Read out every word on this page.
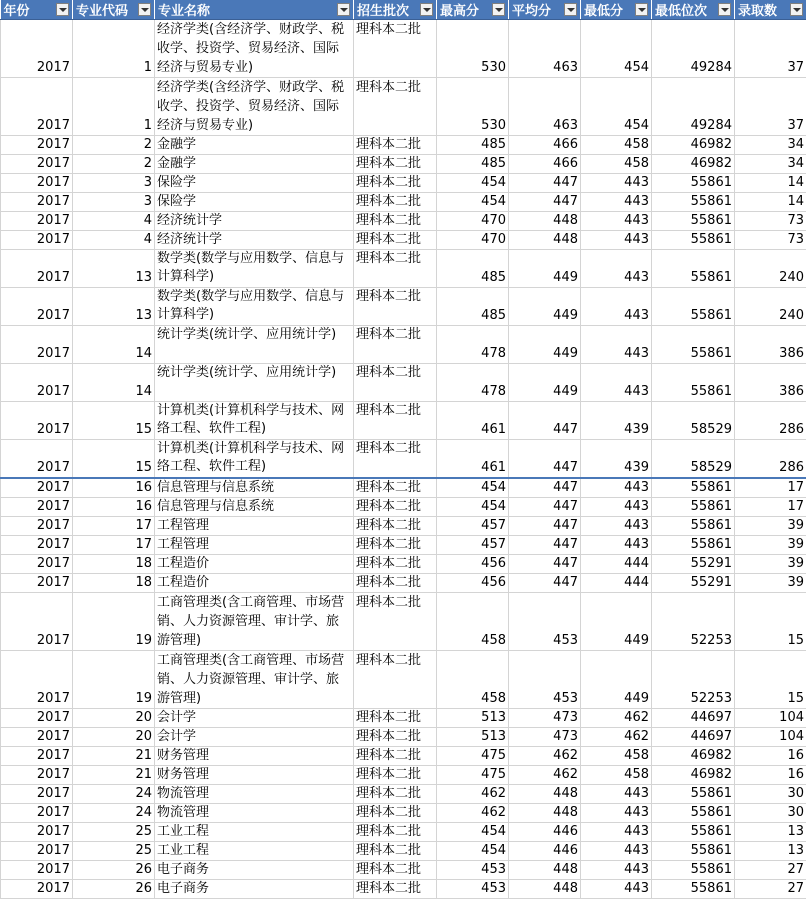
年份	专业代码	专业名称	招生批次	最高分	平均分	最低分	最低位次	录取数

2017	1	经济学类(含经济学、财政学、税收学、投资学、贸易经济、国际经济与贸易专业)	理科本二批	530	463	454	49284	37
2017	1	经济学类(含经济学、财政学、税收学、投资学、贸易经济、国际经济与贸易专业)	理科本二批	530	463	454	49284	37
2017	2	金融学	理科本二批	485	466	458	46982	34
2017	2	金融学	理科本二批	485	466	458	46982	34
2017	3	保险学	理科本二批	454	447	443	55861	14
2017	3	保险学	理科本二批	454	447	443	55861	14
2017	4	经济统计学	理科本二批	470	448	443	55861	73
2017	4	经济统计学	理科本二批	470	448	443	55861	73
2017	13	数学类(数学与应用数学、信息与计算科学)	理科本二批	485	449	443	55861	240
2017	13	数学类(数学与应用数学、信息与计算科学)	理科本二批	485	449	443	55861	240
2017	14	统计学类(统计学、应用统计学)	理科本二批	478	449	443	55861	386
2017	14	统计学类(统计学、应用统计学)	理科本二批	478	449	443	55861	386
2017	15	计算机类(计算机科学与技术、网络工程、软件工程)	理科本二批	461	447	439	58529	286
2017	15	计算机类(计算机科学与技术、网络工程、软件工程)	理科本二批	461	447	439	58529	286
2017	16	信息管理与信息系统	理科本二批	454	447	443	55861	17
2017	16	信息管理与信息系统	理科本二批	454	447	443	55861	17
2017	17	工程管理	理科本二批	457	447	443	55861	39
2017	17	工程管理	理科本二批	457	447	443	55861	39
2017	18	工程造价	理科本二批	456	447	444	55291	39
2017	18	工程造价	理科本二批	456	447	444	55291	39
2017	19	工商管理类(含工商管理、市场营销、人力资源管理、审计学、旅游管理)	理科本二批	458	453	449	52253	15
2017	19	工商管理类(含工商管理、市场营销、人力资源管理、审计学、旅游管理)	理科本二批	458	453	449	52253	15
2017	20	会计学	理科本二批	513	473	462	44697	104
2017	20	会计学	理科本二批	513	473	462	44697	104
2017	21	财务管理	理科本二批	475	462	458	46982	16
2017	21	财务管理	理科本二批	475	462	458	46982	16
2017	24	物流管理	理科本二批	462	448	443	55861	30
2017	24	物流管理	理科本二批	462	448	443	55861	30
2017	25	工业工程	理科本二批	454	446	443	55861	13
2017	25	工业工程	理科本二批	454	446	443	55861	13
2017	26	电子商务	理科本二批	453	448	443	55861	27
2017	26	电子商务	理科本二批	453	448	443	55861	27
